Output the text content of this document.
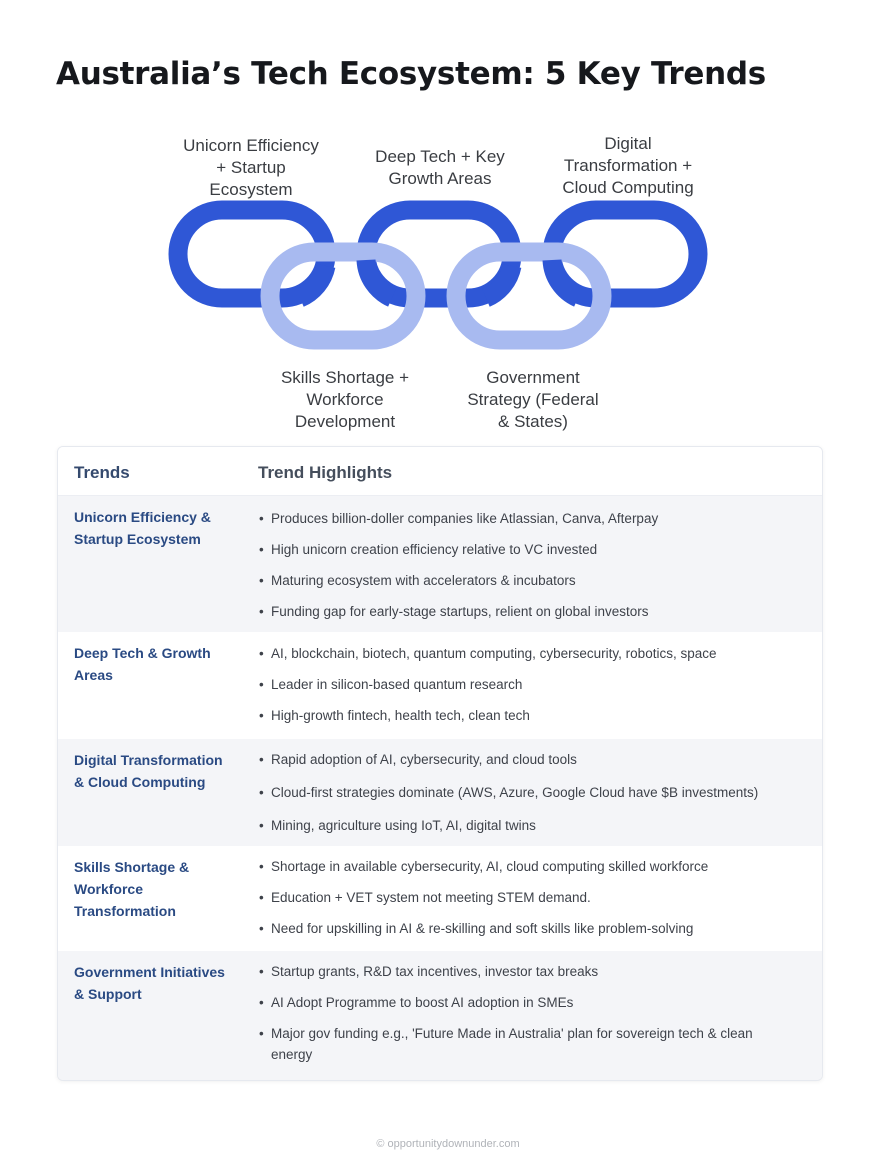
Australia’s Tech Ecosystem: 5 Key Trends
Unicorn Efficiency
+ Startup
Ecosystem
Deep Tech + Key
Growth Areas
Digital
Transformation +
Cloud Computing
Skills Shortage +
Workforce
Development
Government
Strategy (Federal
& States)
Trends	Trend Highlights
Unicorn Efficiency & Startup Ecosystem
• Produces billion-doller companies like Atlassian, Canva, Afterpay
• High unicorn creation efficiency relative to VC invested
• Maturing ecosystem with accelerators & incubators
• Funding gap for early-stage startups, relient on global investors
Deep Tech & Growth Areas
• AI, blockchain, biotech, quantum computing, cybersecurity, robotics, space
• Leader in silicon-based quantum research
• High-growth fintech, health tech, clean tech
Digital Transformation & Cloud Computing
• Rapid adoption of AI, cybersecurity, and cloud tools
• Cloud-first strategies dominate (AWS, Azure, Google Cloud have $B investments)
• Mining, agriculture using IoT, AI, digital twins
Skills Shortage & Workforce Transformation
• Shortage in available cybersecurity, AI, cloud computing skilled workforce
• Education + VET system not meeting STEM demand.
• Need for upskilling in AI & re-skilling and soft skills like problem-solving
Government Initiatives & Support
• Startup grants, R&D tax incentives, investor tax breaks
• AI Adopt Programme to boost AI adoption in SMEs
• Major gov funding e.g., 'Future Made in Australia' plan for sovereign tech & clean energy
© opportunitydownunder.com
